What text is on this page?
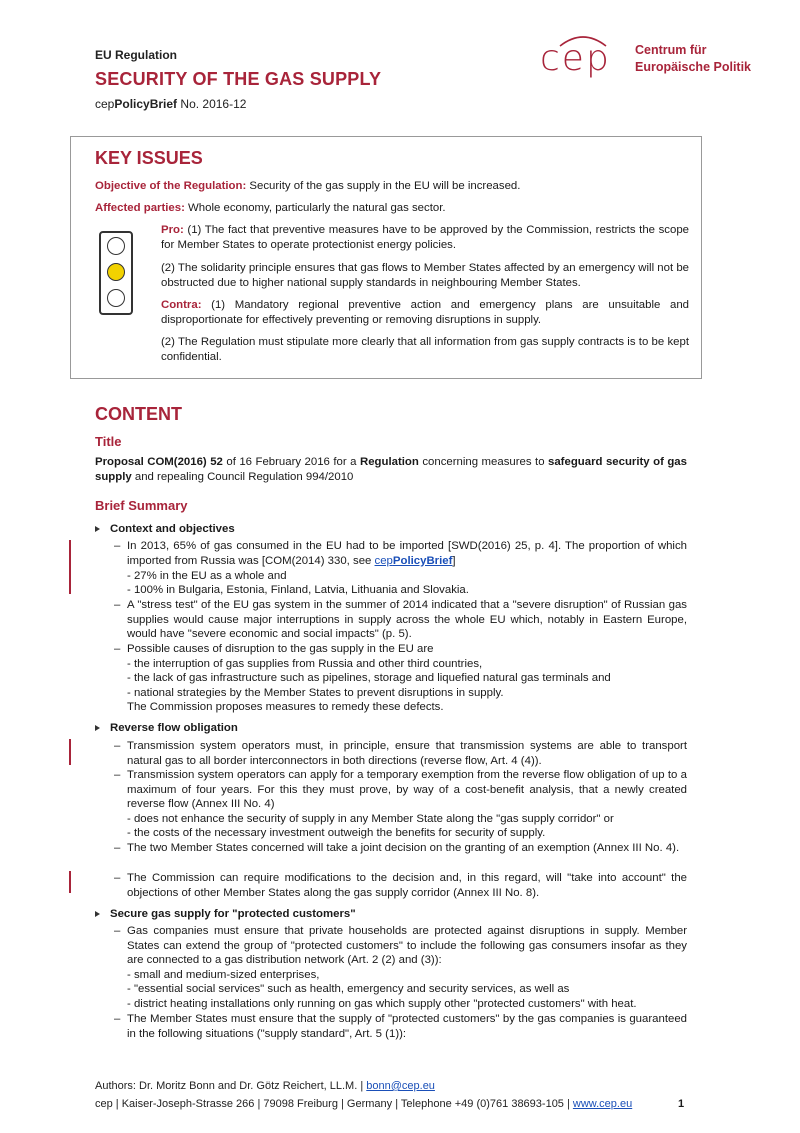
EU Regulation
SECURITY OF THE GAS SUPPLY
cepPolicyBrief No. 2016-12
cep Centrum für
Europäische Politik
KEY ISSUES
Objective of the Regulation: Security of the gas supply in the EU will be increased.
Affected parties: Whole economy, particularly the natural gas sector.
Pro: (1) The fact that preventive measures have to be approved by the Commission, restricts the scope for Member States to operate protectionist energy policies.
(2) The solidarity principle ensures that gas flows to Member States affected by an emergency will not be obstructed due to higher national supply standards in neighbouring Member States.
Contra: (1) Mandatory regional preventive action and emergency plans are unsuitable and disproportionate for effectively preventing or removing disruptions in supply.
(2) The Regulation must stipulate more clearly that all information from gas supply contracts is to be kept confidential.
CONTENT
Title
Proposal COM(2016) 52 of 16 February 2016 for a Regulation concerning measures to safeguard security of gas supply and repealing Council Regulation 994/2010
Brief Summary
Context and objectives
– In 2013, 65% of gas consumed in the EU had to be imported [SWD(2016) 25, p. 4]. The proportion of which imported from Russia was [COM(2014) 330, see cepPolicyBrief]
- 27% in the EU as a whole and
- 100% in Bulgaria, Estonia, Finland, Latvia, Lithuania and Slovakia.
– A "stress test" of the EU gas system in the summer of 2014 indicated that a "severe disruption" of Russian gas supplies would cause major interruptions in supply across the whole EU which, notably in Eastern Europe, would have "severe economic and social impacts" (p. 5).
– Possible causes of disruption to the gas supply in the EU are
- the interruption of gas supplies from Russia and other third countries,
- the lack of gas infrastructure such as pipelines, storage and liquefied natural gas terminals and
- national strategies by the Member States to prevent disruptions in supply.
The Commission proposes measures to remedy these defects.
Reverse flow obligation
– Transmission system operators must, in principle, ensure that transmission systems are able to transport natural gas to all border interconnectors in both directions (reverse flow, Art. 4 (4)).
– Transmission system operators can apply for a temporary exemption from the reverse flow obligation of up to a maximum of four years. For this they must prove, by way of a cost-benefit analysis, that a newly created reverse flow (Annex III No. 4)
- does not enhance the security of supply in any Member State along the "gas supply corridor" or
- the costs of the necessary investment outweigh the benefits for security of supply.
– The two Member States concerned will take a joint decision on the granting of an exemption (Annex III No. 4).
– The Commission can require modifications to the decision and, in this regard, will "take into account" the objections of other Member States along the gas supply corridor (Annex III No. 8).
Secure gas supply for "protected customers"
– Gas companies must ensure that private households are protected against disruptions in supply. Member States can extend the group of "protected customers" to include the following gas consumers insofar as they are connected to a gas distribution network (Art. 2 (2) and (3)):
- small and medium-sized enterprises,
- "essential social services" such as health, emergency and security services, as well as
- district heating installations only running on gas which supply other "protected customers" with heat.
– The Member States must ensure that the supply of "protected customers" by the gas companies is guaranteed in the following situations ("supply standard", Art. 5 (1)):
Authors: Dr. Moritz Bonn and Dr. Götz Reichert, LL.M. | bonn@cep.eu
cep | Kaiser-Joseph-Strasse 266 | 79098 Freiburg | Germany | Telephone +49 (0)761 38693-105 | www.cep.eu	1
